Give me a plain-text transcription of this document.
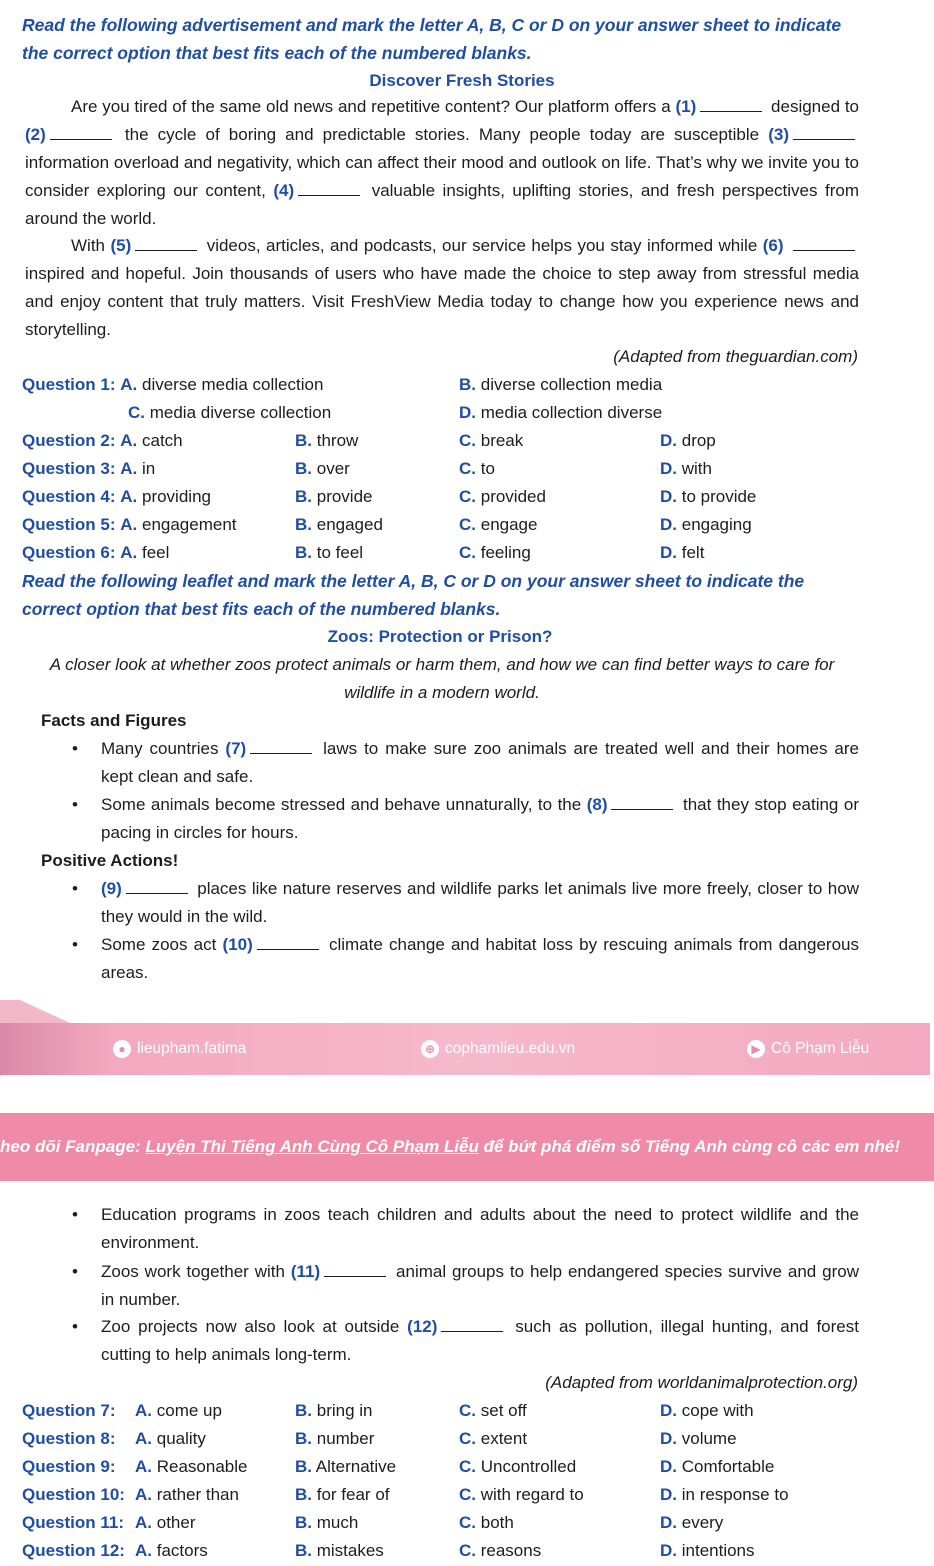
Read the following advertisement and mark the letter A, B, C or D on your answer sheet to indicate
the correct option that best fits each of the numbered blanks.
Discover Fresh Stories
Are you tired of the same old news and repetitive content? Our platform offers a (1)	designed to (2)	the cycle of boring and predictable stories. Many people today are susceptible (3) information overload and negativity, which can affect their mood and outlook on life. That’s why we invite you to consider exploring our content, (4)	valuable insights, uplifting stories, and fresh perspectives from around the world.
With (5)	videos, articles, and podcasts, our service helps you stay informed while (6)  inspired and hopeful. Join thousands of users who have made the choice to step away from stressful media and enjoy content that truly matters. Visit FreshView Media today to change how you experience news and storytelling.
(Adapted from theguardian.com)
Question 1: A. diverse media collection	B. diverse collection media
C. media diverse collection	D. media collection diverse
Question 2: A. catch	B. throw	C. break	D. drop
Question 3: A. in	B. over	C. to	D. with
Question 4: A. providing	B. provide	C. provided	D. to provide
Question 5: A. engagement	B. engaged	C. engage	D. engaging
Question 6: A. feel	B. to feel	C. feeling	D. felt
Read the following leaflet and mark the letter A, B, C or D on your answer sheet to indicate the
correct option that best fits each of the numbered blanks.
Zoos: Protection or Prison?
A closer look at whether zoos protect animals or harm them, and how we can find better ways to care for
wildlife in a modern world.
Facts and Figures
• Many countries (7)	laws to make sure zoo animals are treated well and their homes are kept clean and safe.
• Some animals become stressed and behave unnaturally, to the (8)	that they stop eating or pacing in circles for hours.
Positive Actions!
• (9)	places like nature reserves and wildlife parks let animals live more freely, closer to how they would in the wild.
• Some zoos act (10)	climate change and habitat loss by rescuing animals from dangerous areas.
● lieupham.fatima	⊕ cophamlieu.edu.vn	▶ Cô Phạm Liễu
heo dõi Fanpage: Luyện Thi Tiếng Anh Cùng Cô Phạm Liễu để bứt phá điểm số Tiếng Anh cùng cô các em nhé!
• Education programs in zoos teach children and adults about the need to protect wildlife and the environment.
• Zoos work together with (11)	animal groups to help endangered species survive and grow in number.
• Zoo projects now also look at outside (12)	such as pollution, illegal hunting, and forest cutting to help animals long-term.
(Adapted from worldanimalprotection.org)
Question 7: A. come up	B. bring in	C. set off	D. cope with
Question 8: A. quality	B. number	C. extent	D. volume
Question 9: A. Reasonable	B. Alternative	C. Uncontrolled	D. Comfortable
Question 10: A. rather than	B. for fear of	C. with regard to	D. in response to
Question 11: A. other	B. much	C. both	D. every
Question 12: A. factors	B. mistakes	C. reasons	D. intentions
